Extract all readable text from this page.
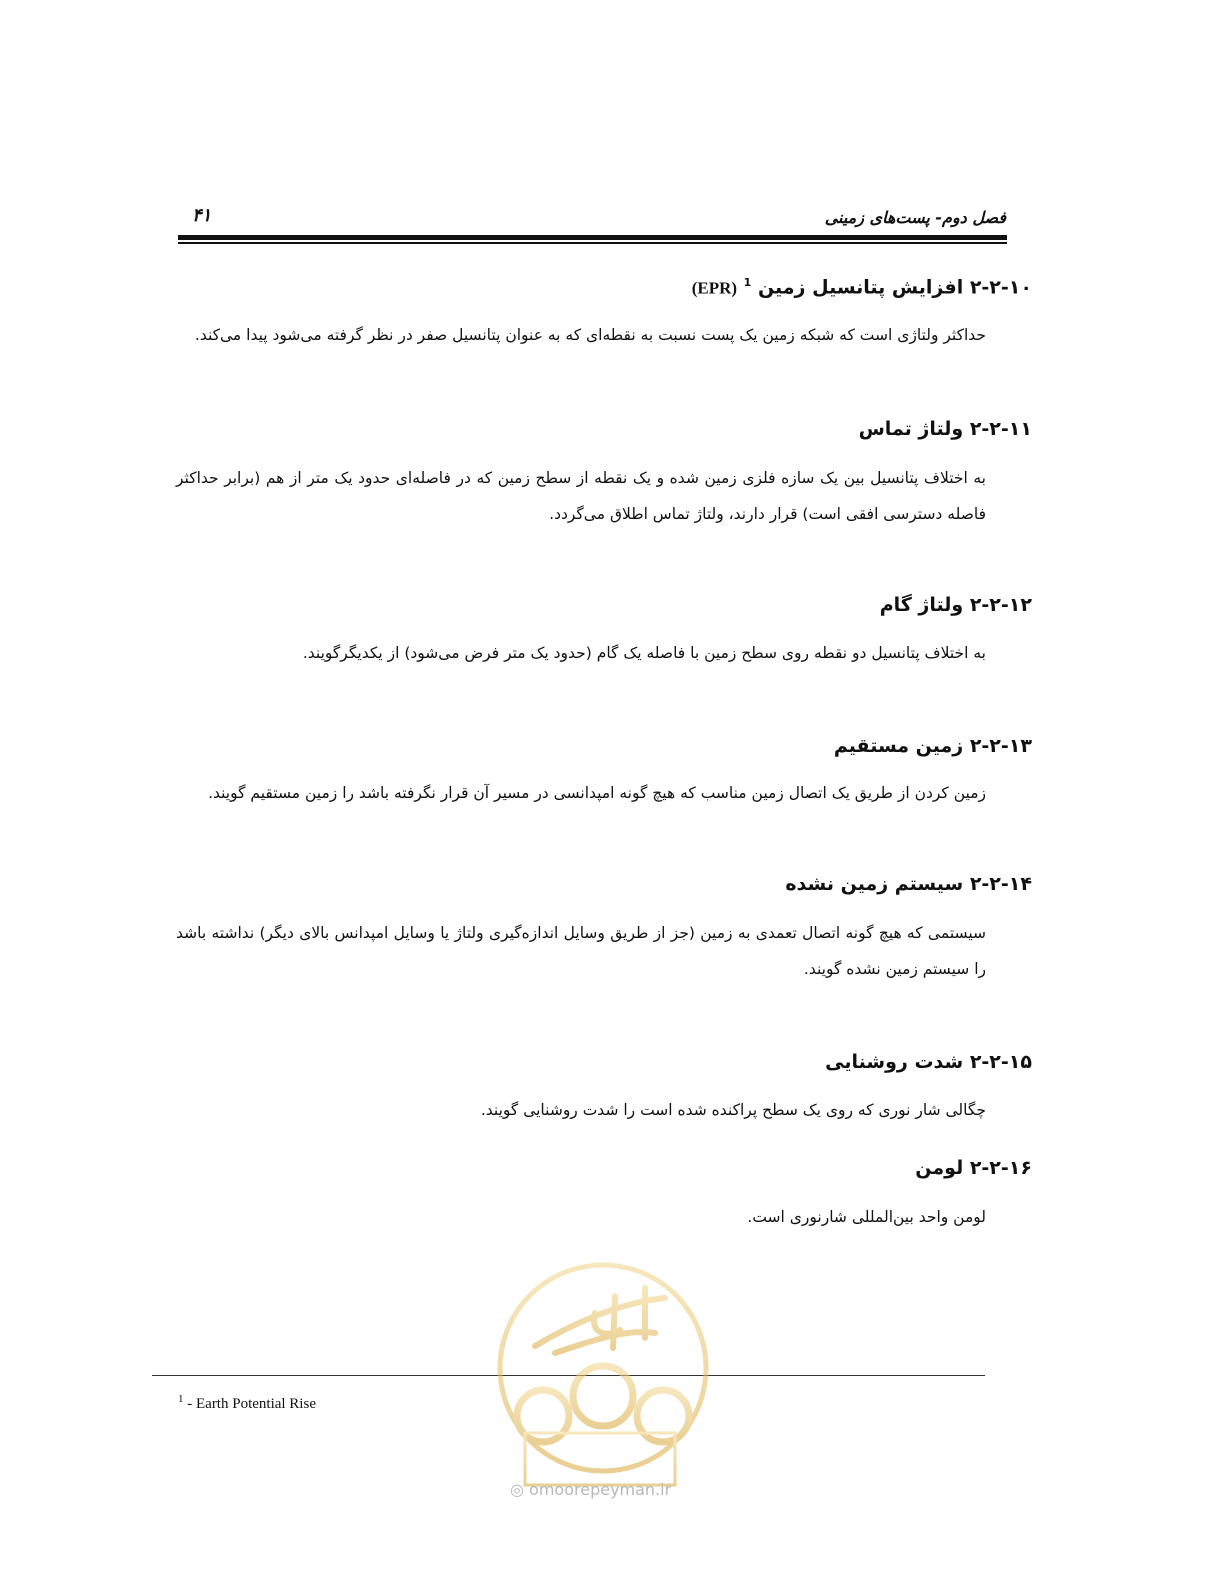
فصل دوم- پست‌های زمینی
۴۱
۲-۲-۱۰ افزایش پتانسیل زمین $^1$ (EPR)
حداکثر ولتاژی است که شبکه زمین یک پست نسبت به نقطه‌ای که به عنوان پتانسیل صفر در نظر گرفته می‌شود پیدا می‌کند.
۲-۲-۱۱ ولتاژ تماس
به اختلاف پتانسیل بین یک سازه فلزی زمین شده و یک نقطه از سطح زمین که در فاصله‌ای حدود یک متر از هم (برابر حداکثر فاصله دسترسی افقی است) قرار دارند، ولتاژ تماس اطلاق می‌گردد.
۲-۲-۱۲ ولتاژ گام
به اختلاف پتانسیل دو نقطه روی سطح زمین با فاصله یک گام (حدود یک متر فرض می‌شود) از یکدیگرگویند.
۲-۲-۱۳ زمین مستقیم
زمین کردن از طریق یک اتصال زمین مناسب که هیچ گونه امپدانسی در مسیر آن قرار نگرفته باشد را زمین مستقیم گویند.
۲-۲-۱۴ سیستم زمین نشده
سیستمی که هیچ گونه اتصال تعمدی به زمین (جز از طریق وسایل اندازه‌گیری ولتاژ یا وسایل امپدانس بالای دیگر) نداشته باشد را سیستم زمین نشده گویند.
۲-۲-۱۵ شدت روشنایی
چگالی شار نوری که روی یک سطح پراکنده شده است را شدت روشنایی گویند.
۲-۲-۱۶ لومن
لومن واحد بین‌المللی شارنوری است.
$^1$ - Earth Potential Rise
◎ omoorepeyman.ir
